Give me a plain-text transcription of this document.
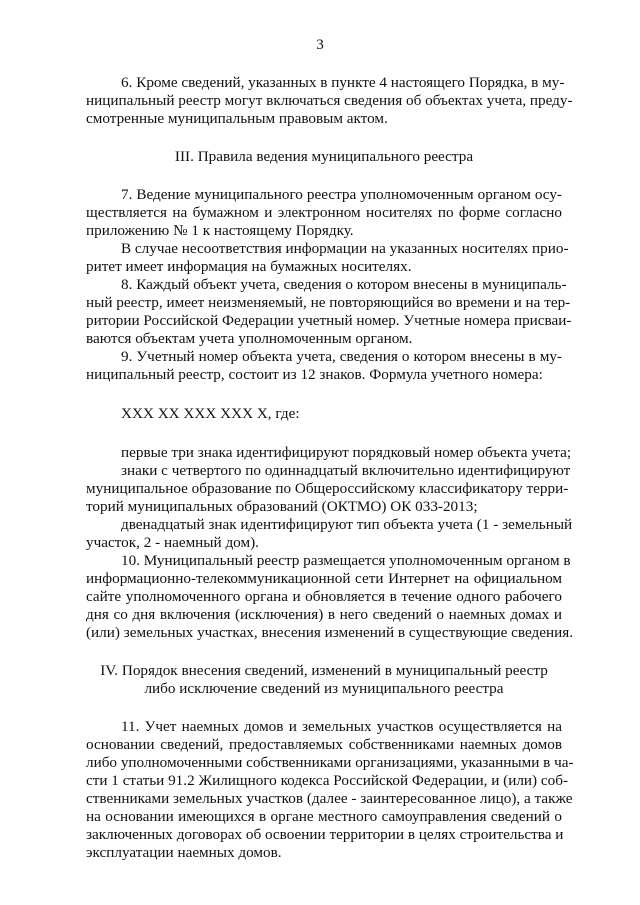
3
6. Кроме сведений, указанных в пункте 4 настоящего Порядка, в му-
ниципальный реестр могут включаться сведения об объектах учета, преду-
смотренные муниципальным правовым актом.
III. Правила ведения муниципального реестра
7. Ведение муниципального реестра уполномоченным органом осу-
ществляется на бумажном и электронном носителях по форме согласно
приложению № 1 к настоящему Порядку.
В случае несоответствия информации на указанных носителях прио-
ритет имеет информация на бумажных носителях.
8. Каждый объект учета, сведения о котором внесены в муниципаль-
ный реестр, имеет неизменяемый, не повторяющийся во времени и на тер-
ритории Российской Федерации учетный номер. Учетные номера присваи-
ваются объектам учета уполномоченным органом.
9. Учетный номер объекта учета, сведения о котором внесены в му-
ниципальный реестр, состоит из 12 знаков. Формула учетного номера:
XXX XX XXX XXX X, где:
первые три знака идентифицируют порядковый номер объекта учета;
знаки с четвертого по одиннадцатый включительно идентифицируют
муниципальное образование по Общероссийскому классификатору терри-
торий муниципальных образований (ОКТМО) ОК 033-2013;
двенадцатый знак идентифицируют тип объекта учета (1 - земельный
участок, 2 - наемный дом).
10. Муниципальный реестр размещается уполномоченным органом в
информационно-телекоммуникационной сети Интернет на официальном
сайте уполномоченного органа и обновляется в течение одного рабочего
дня со дня включения (исключения) в него сведений о наемных домах и
(или) земельных участках, внесения изменений в существующие сведения.
IV. Порядок внесения сведений, изменений в муниципальный реестр
либо исключение сведений из муниципального реестра
11. Учет наемных домов и земельных участков осуществляется на
основании сведений, предоставляемых собственниками наемных домов
либо уполномоченными собственниками организациями, указанными в ча-
сти 1 статьи 91.2 Жилищного кодекса Российской Федерации, и (или) соб-
ственниками земельных участков (далее - заинтересованное лицо), а также
на основании имеющихся в органе местного самоуправления сведений о
заключенных договорах об освоении территории в целях строительства и
эксплуатации наемных домов.
